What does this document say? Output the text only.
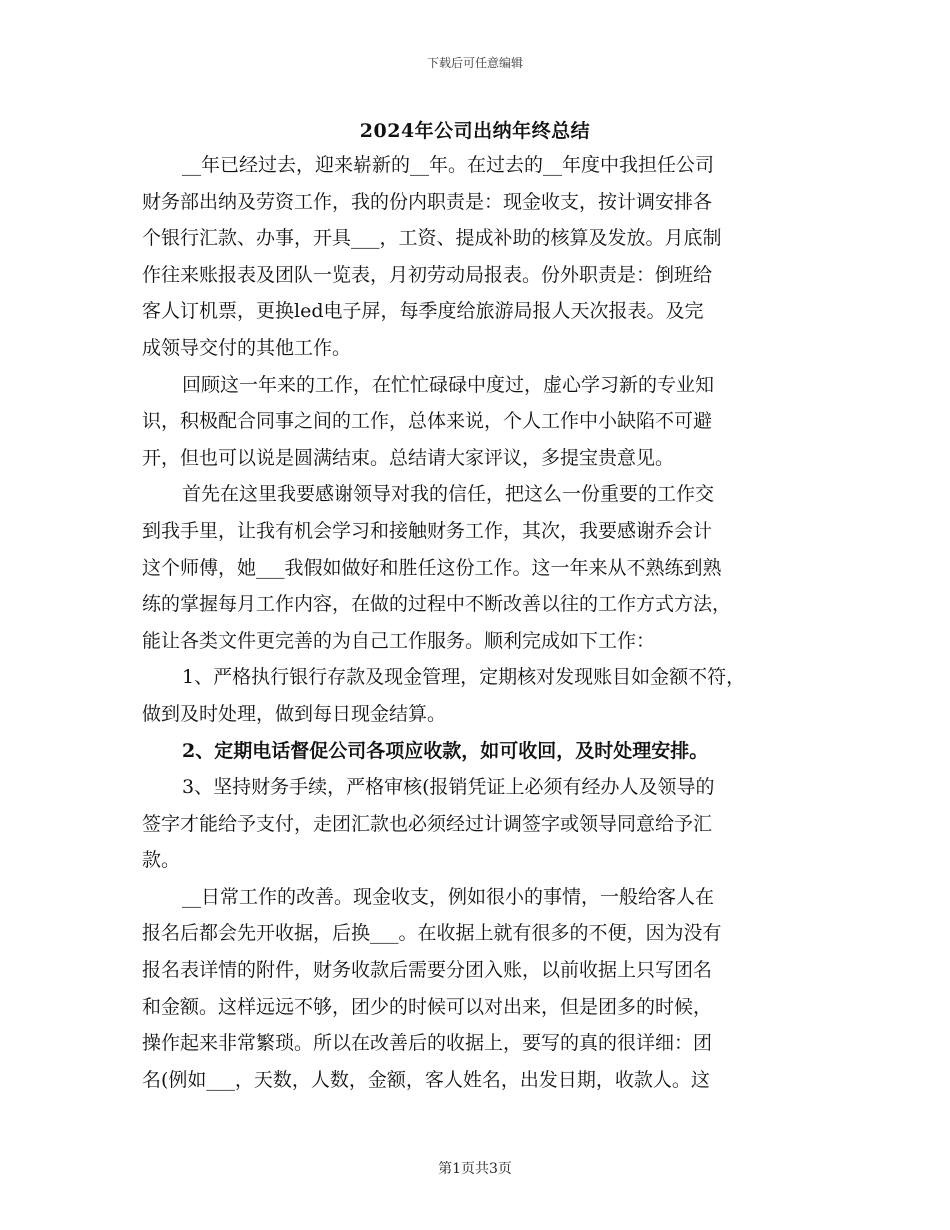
下载后可任意编辑
2024年公司出纳年终总结
__年已经过去，迎来崭新的__年。在过去的__年度中我担任公司
财务部出纳及劳资工作，我的份内职责是：现金收支，按计调安排各
个银行汇款、办事，开具___，工资、提成补助的核算及发放。月底制
作往来账报表及团队一览表，月初劳动局报表。份外职责是：倒班给
客人订机票，更换led电子屏，每季度给旅游局报人天次报表。及完
成领导交付的其他工作。
回顾这一年来的工作，在忙忙碌碌中度过，虚心学习新的专业知
识，积极配合同事之间的工作，总体来说，个人工作中小缺陷不可避
开，但也可以说是圆满结束。总结请大家评议，多提宝贵意见。
首先在这里我要感谢领导对我的信任，把这么一份重要的工作交
到我手里，让我有机会学习和接触财务工作，其次，我要感谢乔会计
这个师傅，她___我假如做好和胜任这份工作。这一年来从不熟练到熟
练的掌握每月工作内容，在做的过程中不断改善以往的工作方式方法，
能让各类文件更完善的为自己工作服务。顺利完成如下工作：
1、严格执行银行存款及现金管理，定期核对发现账目如金额不符，
做到及时处理，做到每日现金结算。
2、定期电话督促公司各项应收款，如可收回，及时处理安排。
3、坚持财务手续，严格审核(报销凭证上必须有经办人及领导的
签字才能给予支付，走团汇款也必须经过计调签字或领导同意给予汇
款。
__日常工作的改善。现金收支，例如很小的事情，一般给客人在
报名后都会先开收据，后换___。在收据上就有很多的不便，因为没有
报名表详情的附件，财务收款后需要分团入账，以前收据上只写团名
和金额。这样远远不够，团少的时候可以对出来，但是团多的时候，
操作起来非常繁琐。所以在改善后的收据上，要写的真的很详细：团
名(例如___，天数，人数，金额，客人姓名，出发日期，收款人。这
第1页共3页
